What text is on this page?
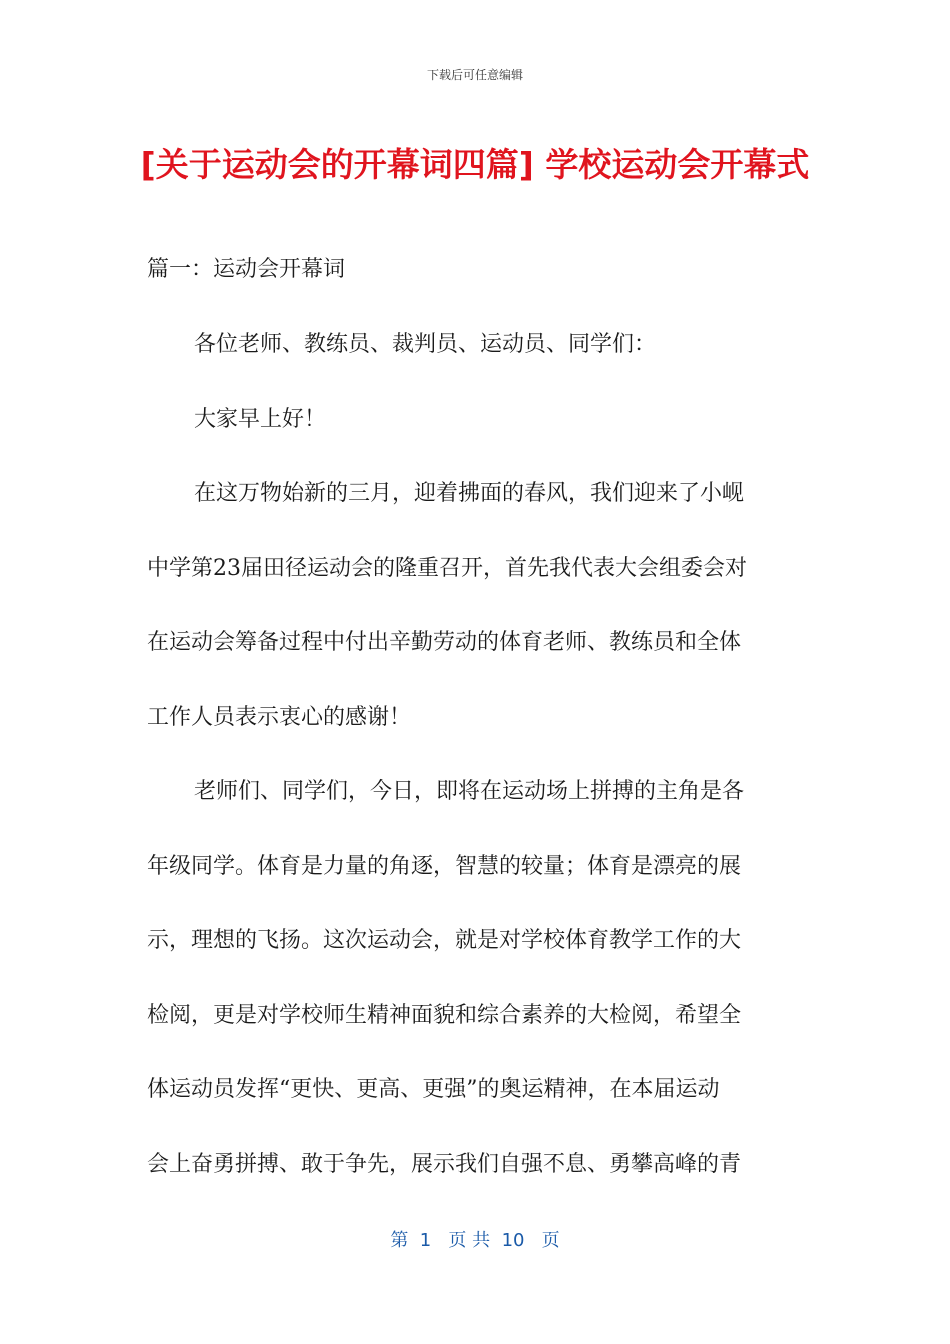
下载后可任意编辑
[关于运动会的开幕词四篇] 学校运动会开幕式
篇一：运动会开幕词
各位老师、教练员、裁判员、运动员、同学们：
大家早上好！
在这万物始新的三月，迎着拂面的春风，我们迎来了小岘
中学第23届田径运动会的隆重召开，首先我代表大会组委会对
在运动会筹备过程中付出辛勤劳动的体育老师、教练员和全体
工作人员表示衷心的感谢！
老师们、同学们，今日，即将在运动场上拼搏的主角是各
年级同学。体育是力量的角逐，智慧的较量；体育是漂亮的展
示，理想的飞扬。这次运动会，就是对学校体育教学工作的大
检阅，更是对学校师生精神面貌和综合素养的大检阅，希望全
体运动员发挥“更快、更高、更强”的奥运精神，在本届运动
会上奋勇拼搏、敢于争先，展示我们自强不息、勇攀高峰的青
第  1   页 共  10   页
